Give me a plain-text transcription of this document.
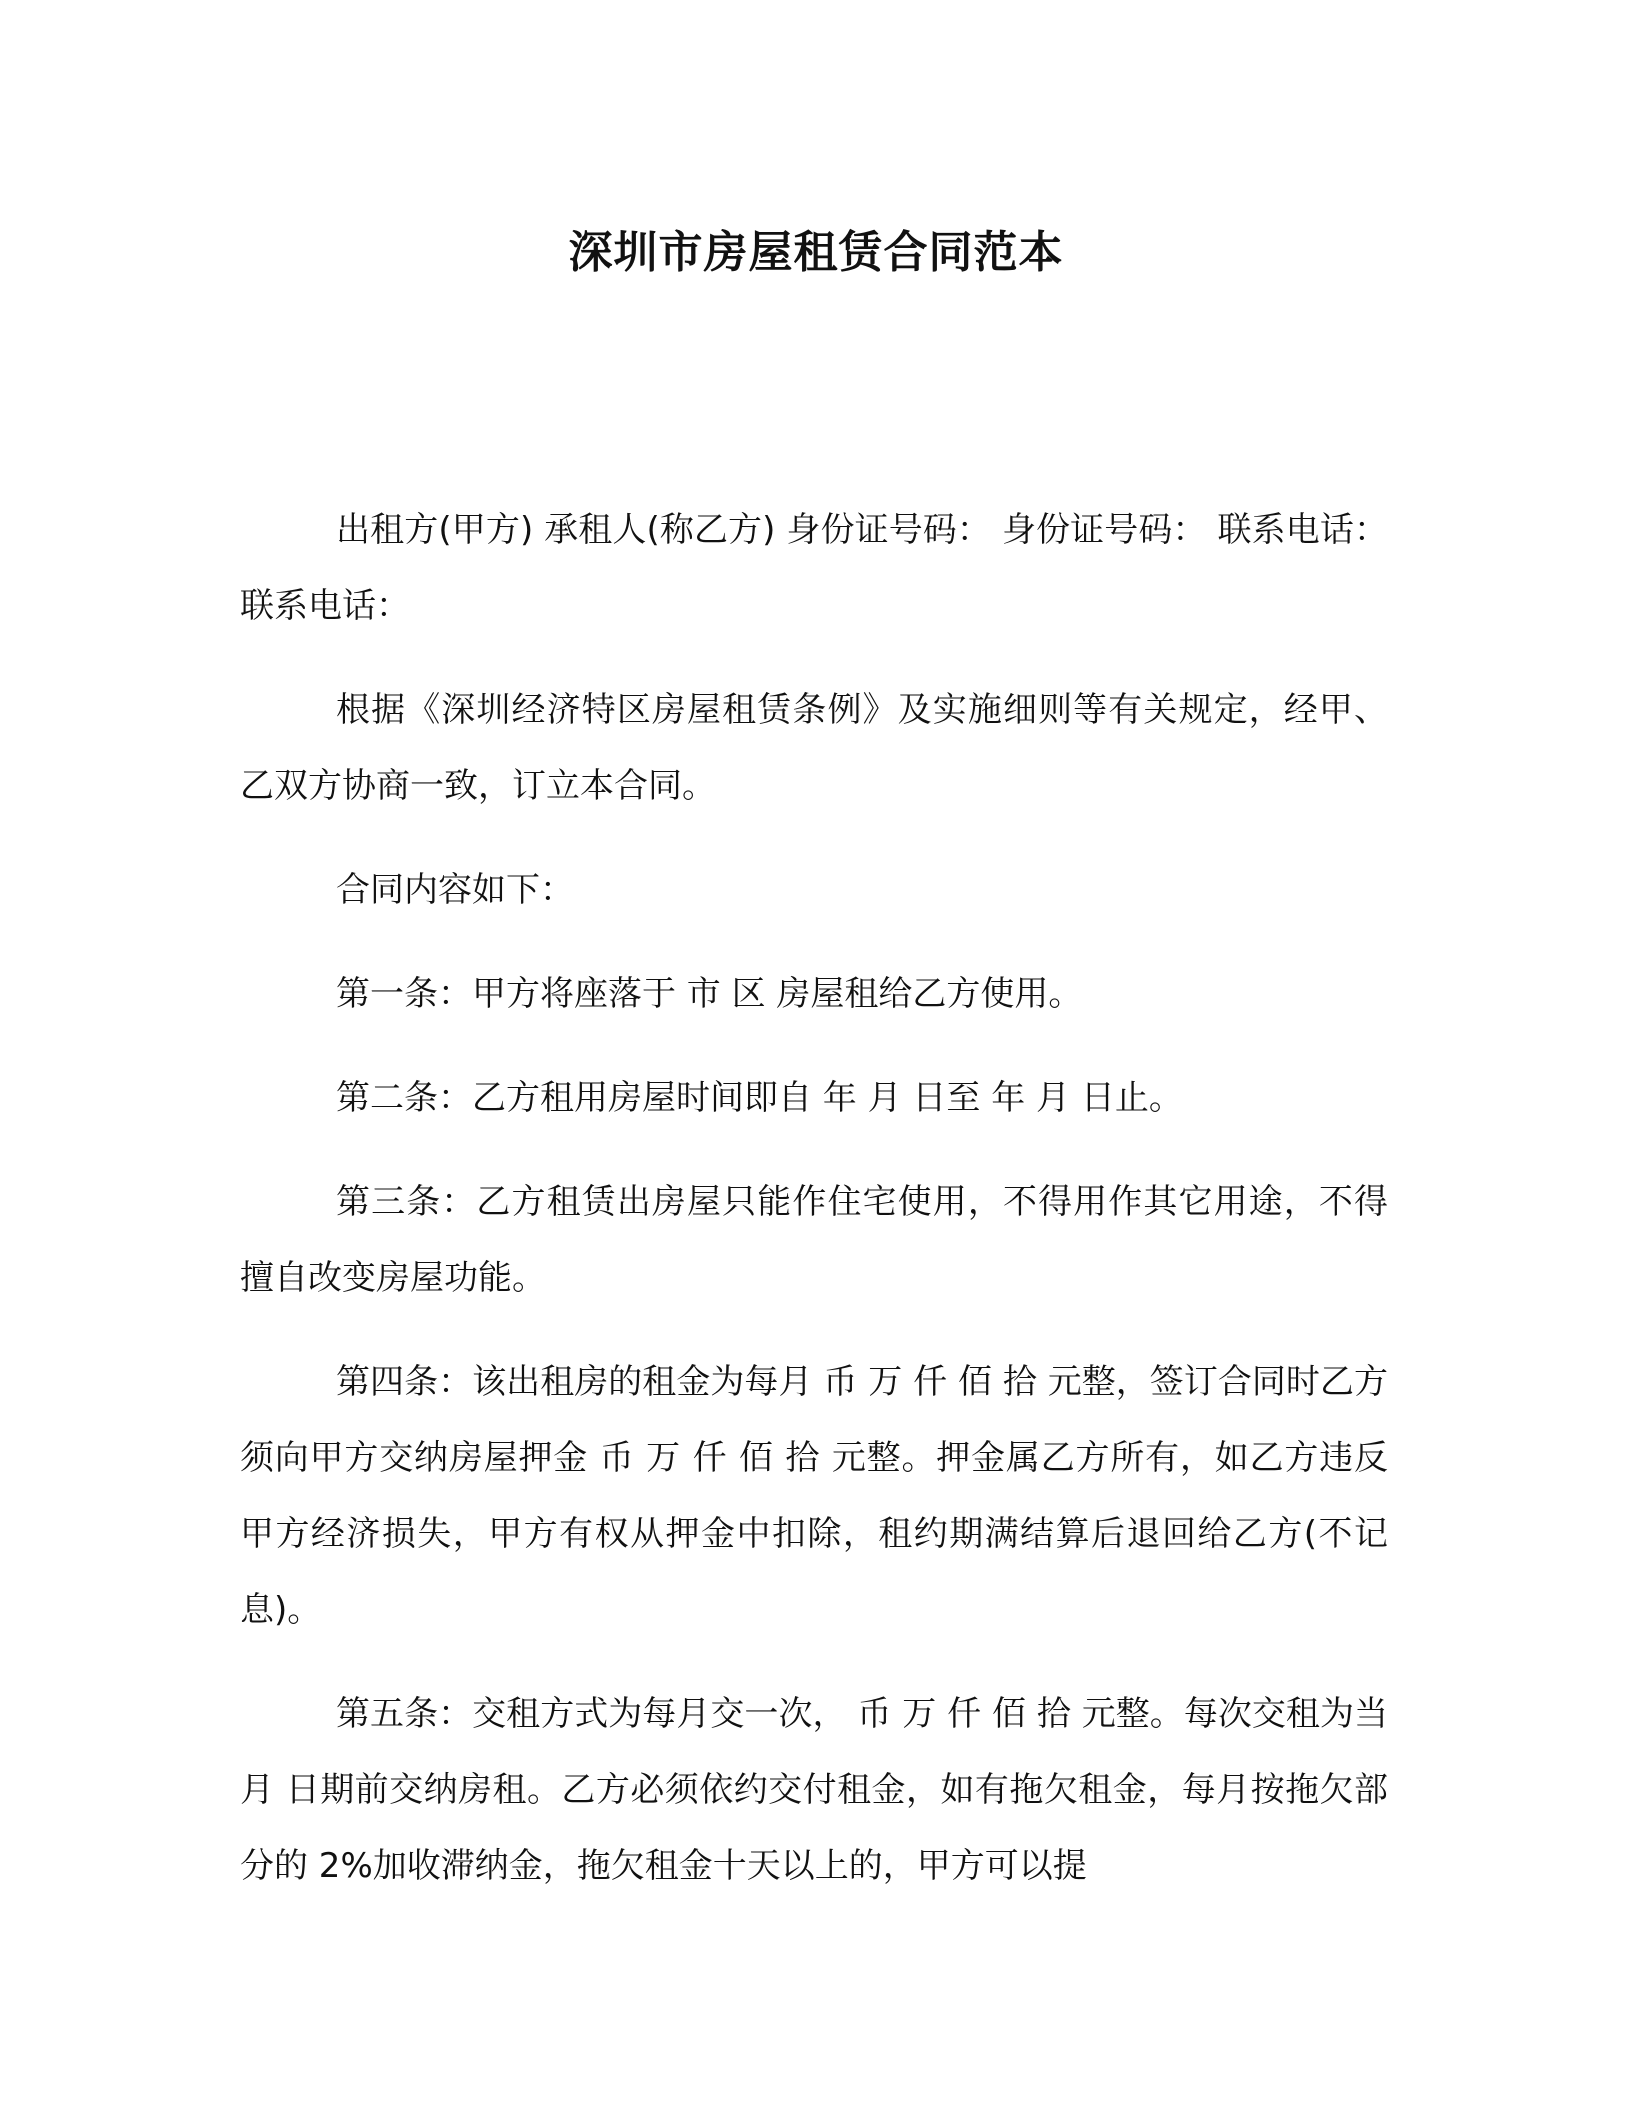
深圳市房屋租赁合同范本

出租方(甲方) 承租人(称乙方) 身份证号码： 身份证号码： 联系电话： 联系电话：

根据《深圳经济特区房屋租赁条例》及实施细则等有关规定，经甲、乙双方协商一致，订立本合同。

合同内容如下：

第一条：甲方将座落于 市 区 房屋租给乙方使用。

第二条：乙方租用房屋时间即自 年 月 日至 年 月 日止。

第三条：乙方租赁出房屋只能作住宅使用，不得用作其它用途，不得擅自改变房屋功能。

第四条：该出租房的租金为每月 币 万 仟 佰 拾 元整，签订合同时乙方须向甲方交纳房屋押金 币 万 仟 佰 拾 元整。押金属乙方所有，如乙方违反甲方经济损失，甲方有权从押金中扣除，租约期满结算后退回给乙方(不记息)。

第五条：交租方式为每月交一次， 币 万 仟 佰 拾 元整。每次交租为当月 日期前交纳房租。乙方必须依约交付租金，如有拖欠租金，每月按拖欠部分的 2%加收滞纳金，拖欠租金十天以上的，甲方可以提
